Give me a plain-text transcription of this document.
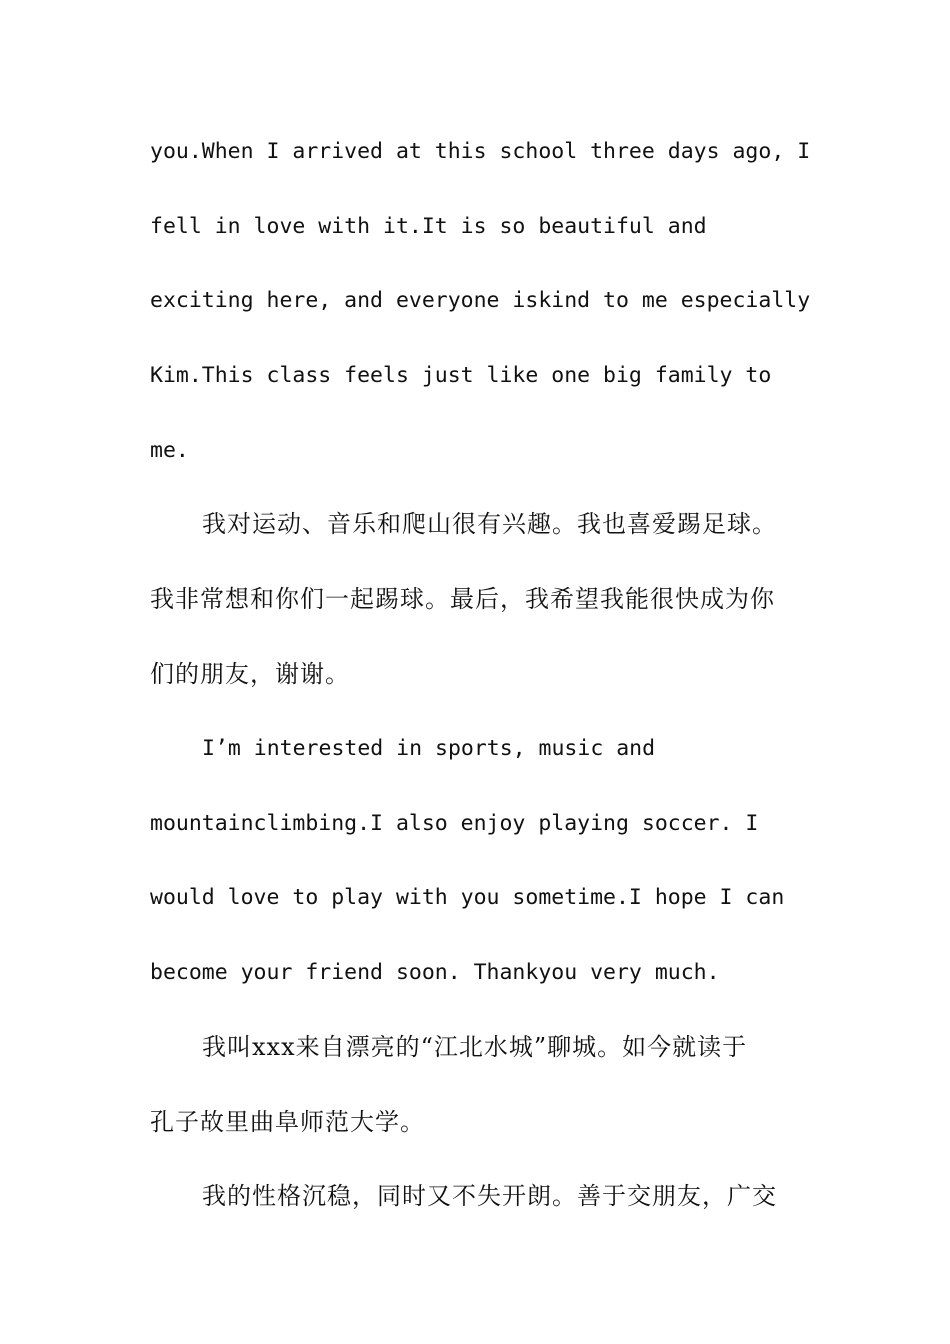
you.When I arrived at this school three days ago, I
fell in love with it.It is so beautiful and
exciting here, and everyone iskind to me especially
Kim.This class feels just like one big family to
me.
我对运动、音乐和爬山很有兴趣。我也喜爱踢足球。
我非常想和你们一起踢球。最后，我希望我能很快成为你
们的朋友，谢谢。
I’m interested in sports, music and
mountainclimbing.I also enjoy playing soccer. I
would love to play with you sometime.I hope I can
become your friend soon. Thankyou very much.
我叫xxx来自漂亮的“江北水城”聊城。如今就读于
孔子故里曲阜师范大学。
我的性格沉稳，同时又不失开朗。善于交朋友，广交
